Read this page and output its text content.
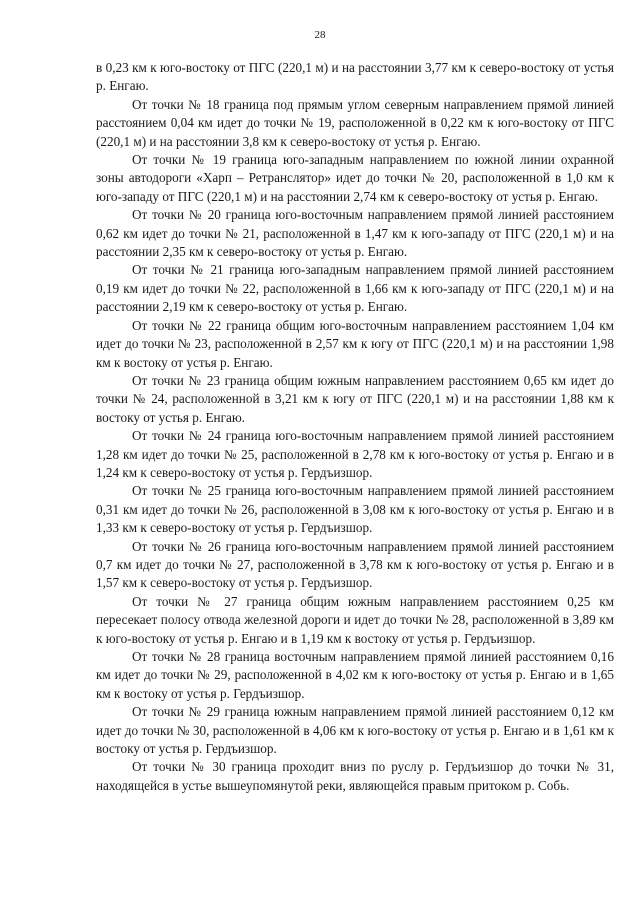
28

в 0,23 км к юго-востоку от ПГС (220,1 м) и на расстоянии 3,77 км к северо-востоку от устья р. Енгаю.

От точки № 18 граница под прямым углом северным направлением прямой линией расстоянием 0,04 км идет до точки № 19, расположенной в 0,22 км к юго-востоку от ПГС (220,1 м) и на расстоянии 3,8 км к северо-востоку от устья р. Енгаю.

От точки № 19 граница юго-западным направлением по южной линии охранной зоны автодороги «Харп – Ретранслятор» идет до точки № 20, расположенной в 1,0 км к юго-западу от ПГС (220,1 м) и на расстоянии 2,74 км к северо-востоку от устья р. Енгаю.

От точки № 20 граница юго-восточным направлением прямой линией расстоянием 0,62 км идет до точки № 21, расположенной в 1,47 км к юго-западу от ПГС (220,1 м) и на расстоянии 2,35 км к северо-востоку от устья р. Енгаю.

От точки № 21 граница юго-западным направлением прямой линией расстоянием 0,19 км идет до точки № 22, расположенной в 1,66 км к юго-западу от ПГС (220,1 м) и на расстоянии 2,19 км к северо-востоку от устья р. Енгаю.

От точки № 22 граница общим юго-восточным направлением расстоянием 1,04 км идет до точки № 23, расположенной в 2,57 км к югу от ПГС (220,1 м) и на расстоянии 1,98 км к востоку от устья р. Енгаю.

От точки № 23 граница общим южным направлением расстоянием 0,65 км идет до точки № 24, расположенной в 3,21 км к югу от ПГС (220,1 м) и на расстоянии 1,88 км к востоку от устья р. Енгаю.

От точки № 24 граница юго-восточным направлением прямой линией расстоянием 1,28 км идет до точки № 25, расположенной в 2,78 км к юго-востоку от устья р. Енгаю и в 1,24 км к северо-востоку от устья р. Гердъизшор.

От точки № 25 граница юго-восточным направлением прямой линией расстоянием 0,31 км идет до точки № 26, расположенной в 3,08 км к юго-востоку от устья р. Енгаю и в 1,33 км к северо-востоку от устья р. Гердъизшор.

От точки № 26 граница юго-восточным направлением прямой линией расстоянием 0,7 км идет до точки № 27, расположенной в 3,78 км к юго-востоку от устья р. Енгаю и в 1,57 км к северо-востоку от устья р. Гердъизшор.

От точки № 27 граница общим южным направлением расстоянием 0,25 км пересекает полосу отвода железной дороги и идет до точки № 28, расположенной в 3,89 км к юго-востоку от устья р. Енгаю и в 1,19 км к востоку от устья р. Гердъизшор.

От точки № 28 граница восточным направлением прямой линией расстоянием 0,16 км идет до точки № 29, расположенной в 4,02 км к юго-востоку от устья р. Енгаю и в 1,65 км к востоку от устья р. Гердъизшор.

От точки № 29 граница южным направлением прямой линией расстоянием 0,12 км идет до точки № 30, расположенной в 4,06 км к юго-востоку от устья р. Енгаю и в 1,61 км к востоку от устья р. Гердъизшор.

От точки № 30 граница проходит вниз по руслу р. Гердъизшор до точки № 31, находящейся в устье вышеупомянутой реки, являющейся правым притоком р. Собь.
